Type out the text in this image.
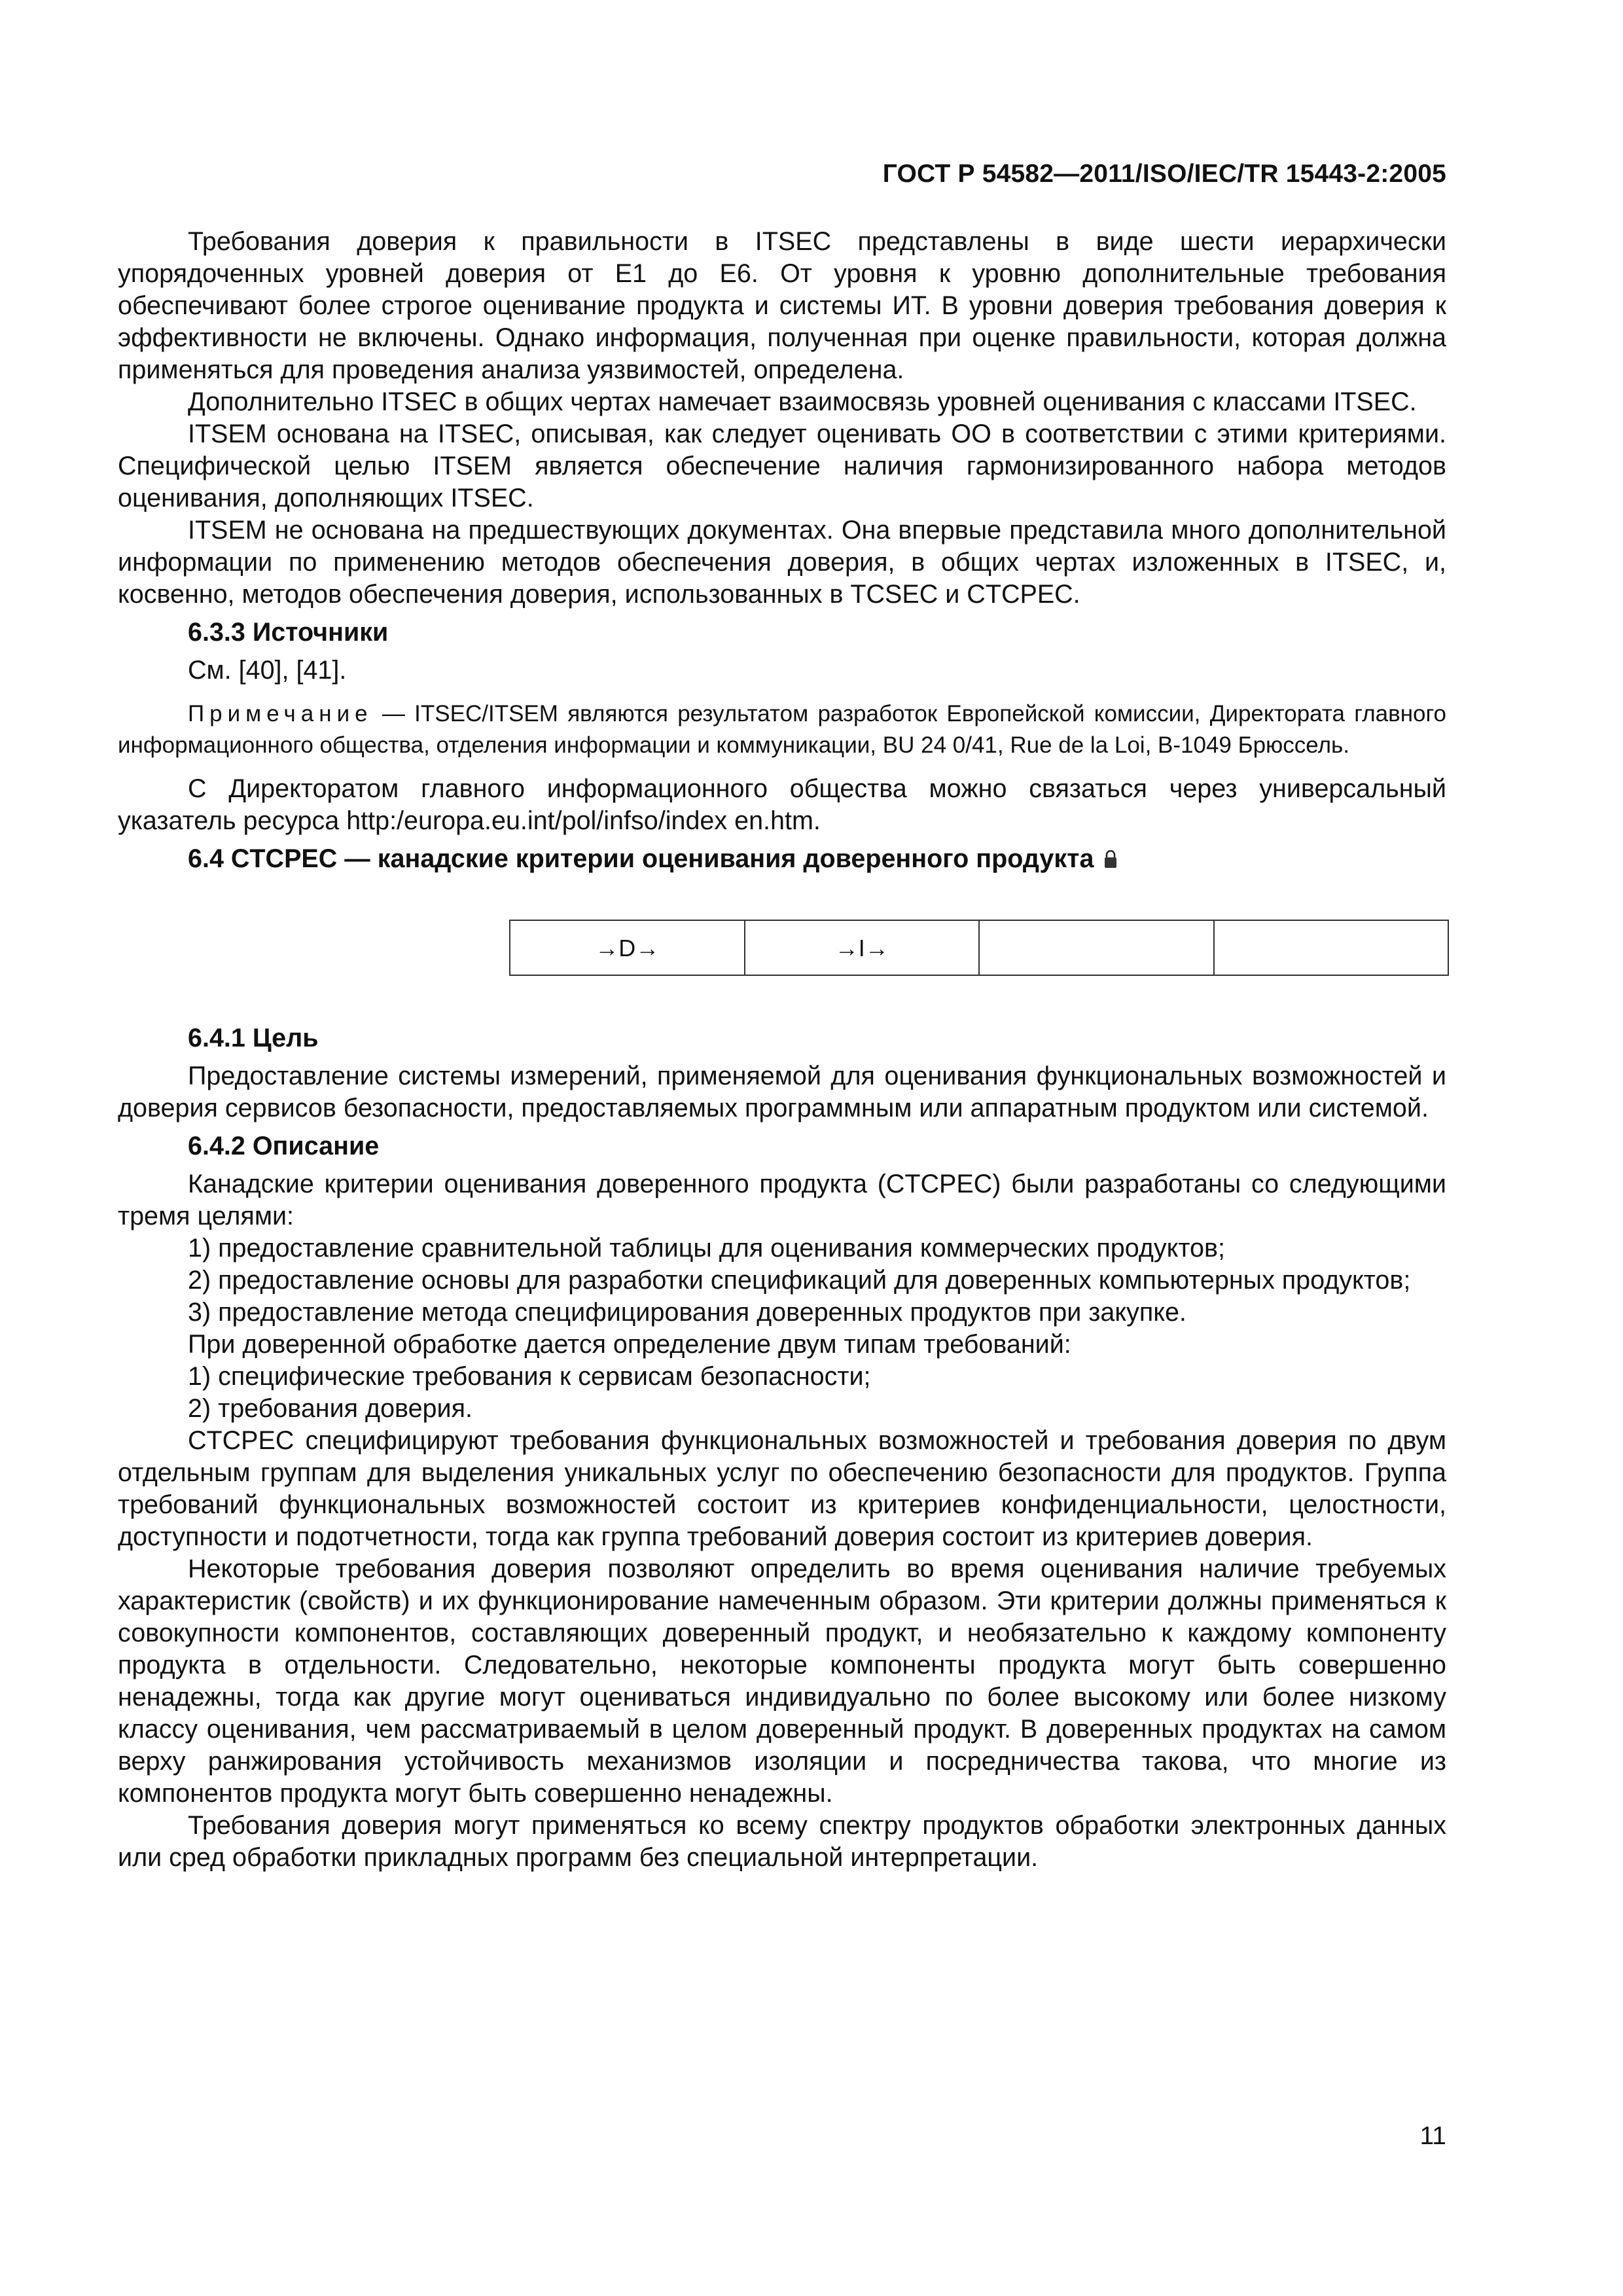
ГОСТ Р 54582—2011/ISO/IEC/TR 15443-2:2005

Требования доверия к правильности в ITSEC представлены в виде шести иерархически упорядоченных уровней доверия от Е1 до Е6. От уровня к уровню дополнительные требования обеспечивают более строгое оценивание продукта и системы ИТ. В уровни доверия требования доверия к эффективности не включены. Однако информация, полученная при оценке правильности, которая должна применяться для проведения анализа уязвимостей, определена.

Дополнительно ITSEC в общих чертах намечает взаимосвязь уровней оценивания с классами ITSEC.

ITSEM основана на ITSEC, описывая, как следует оценивать ОО в соответствии с этими критериями. Специфической целью ITSEM является обеспечение наличия гармонизированного набора методов оценивания, дополняющих ITSEC.

ITSEM не основана на предшествующих документах. Она впервые представила много дополнительной информации по применению методов обеспечения доверия, в общих чертах изложенных в ITSEC, и, косвенно, методов обеспечения доверия, использованных в TCSEC и CTCPEC.

6.3.3 Источники

См. [40], [41].

Примечание — ITSEC/ITSEM являются результатом разработок Европейской комиссии, Директората главного информационного общества, отделения информации и коммуникации, BU 24 0/41, Rue de la Loi, B-1049 Брюссель.

С Директоратом главного информационного общества можно связаться через универсальный указатель ресурса http:/europa.eu.int/pol/infso/index en.htm.

6.4 CTCPEC — канадские критерии оценивания доверенного продукта
→D→	→I→
6.4.1 Цель

Предоставление системы измерений, применяемой для оценивания функциональных возможностей и доверия сервисов безопасности, предоставляемых программным или аппаратным продуктом или системой.

6.4.2 Описание

Канадские критерии оценивания доверенного продукта (CTCPEC) были разработаны со следующими тремя целями:

1) предоставление сравнительной таблицы для оценивания коммерческих продуктов;

2) предоставление основы для разработки спецификаций для доверенных компьютерных продуктов;

3) предоставление метода специфицирования доверенных продуктов при закупке.

При доверенной обработке дается определение двум типам требований:

1) специфические требования к сервисам безопасности;

2) требования доверия.

CTCPEC специфицируют требования функциональных возможностей и требования доверия по двум отдельным группам для выделения уникальных услуг по обеспечению безопасности для продуктов. Группа требований функциональных возможностей состоит из критериев конфиденциальности, целостности, доступности и подотчетности, тогда как группа требований доверия состоит из критериев доверия.

Некоторые требования доверия позволяют определить во время оценивания наличие требуемых характеристик (свойств) и их функционирование намеченным образом. Эти критерии должны применяться к совокупности компонентов, составляющих доверенный продукт, и необязательно к каждому компоненту продукта в отдельности. Следовательно, некоторые компоненты продукта могут быть совершенно ненадежны, тогда как другие могут оцениваться индивидуально по более высокому или более низкому классу оценивания, чем рассматриваемый в целом доверенный продукт. В доверенных продуктах на самом верху ранжирования устойчивость механизмов изоляции и посредничества такова, что многие из компонентов продукта могут быть совершенно ненадежны.

Требования доверия могут применяться ко всему спектру продуктов обработки электронных данных или сред обработки прикладных программ без специальной интерпретации.

11
